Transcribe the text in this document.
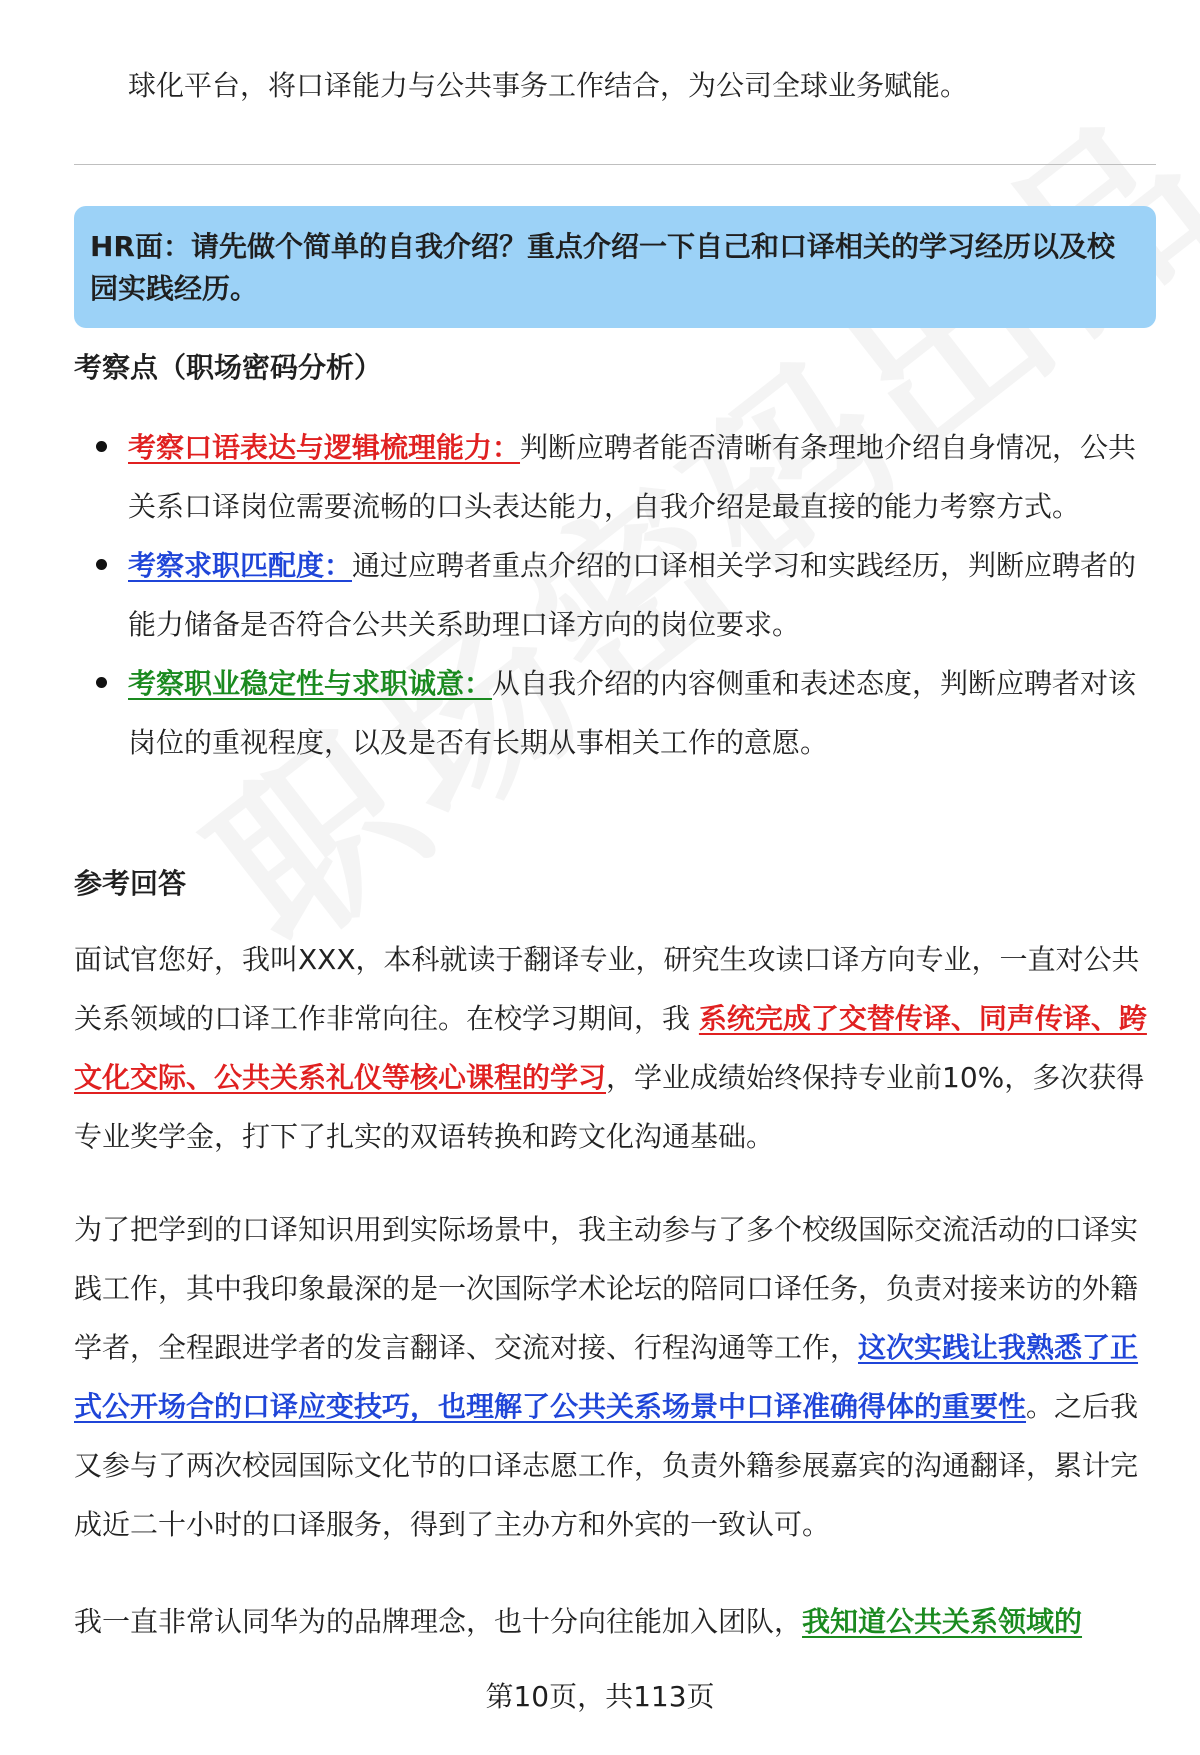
球化平台，将口译能力与公共事务工作结合，为公司全球业务赋能。
HR面：请先做个简单的自我介绍？重点介绍一下自己和口译相关的学习经历以及校园实践经历。
考察点（职场密码分析）

考察口语表达与逻辑梳理能力：判断应聘者能否清晰有条理地介绍自身情况，公共关系口译岗位需要流畅的口头表达能力，自我介绍是最直接的能力考察方式。

考察求职匹配度：通过应聘者重点介绍的口译相关学习和实践经历，判断应聘者的能力储备是否符合公共关系助理口译方向的岗位要求。

考察职业稳定性与求职诚意：从自我介绍的内容侧重和表述态度，判断应聘者对该岗位的重视程度，以及是否有长期从事相关工作的意愿。

参考回答

面试官您好，我叫XXX，本科就读于翻译专业，研究生攻读口译方向专业，一直对公共关系领域的口译工作非常向往。在校学习期间，我 系统完成了交替传译、同声传译、跨文化交际、公共关系礼仪等核心课程的学习，学业成绩始终保持专业前10%，多次获得专业奖学金，打下了扎实的双语转换和跨文化沟通基础。

为了把学到的口译知识用到实际场景中，我主动参与了多个校级国际交流活动的口译实践工作，其中我印象最深的是一次国际学术论坛的陪同口译任务，负责对接来访的外籍学者，全程跟进学者的发言翻译、交流对接、行程沟通等工作，这次实践让我熟悉了正式公开场合的口译应变技巧，也理解了公共关系场景中口译准确得体的重要性。之后我又参与了两次校园国际文化节的口译志愿工作，负责外籍参展嘉宾的沟通翻译，累计完成近二十小时的口译服务，得到了主办方和外宾的一致认可。

我一直非常认同华为的品牌理念，也十分向往能加入团队，我知道公共关系领域的

第10页，共113页
